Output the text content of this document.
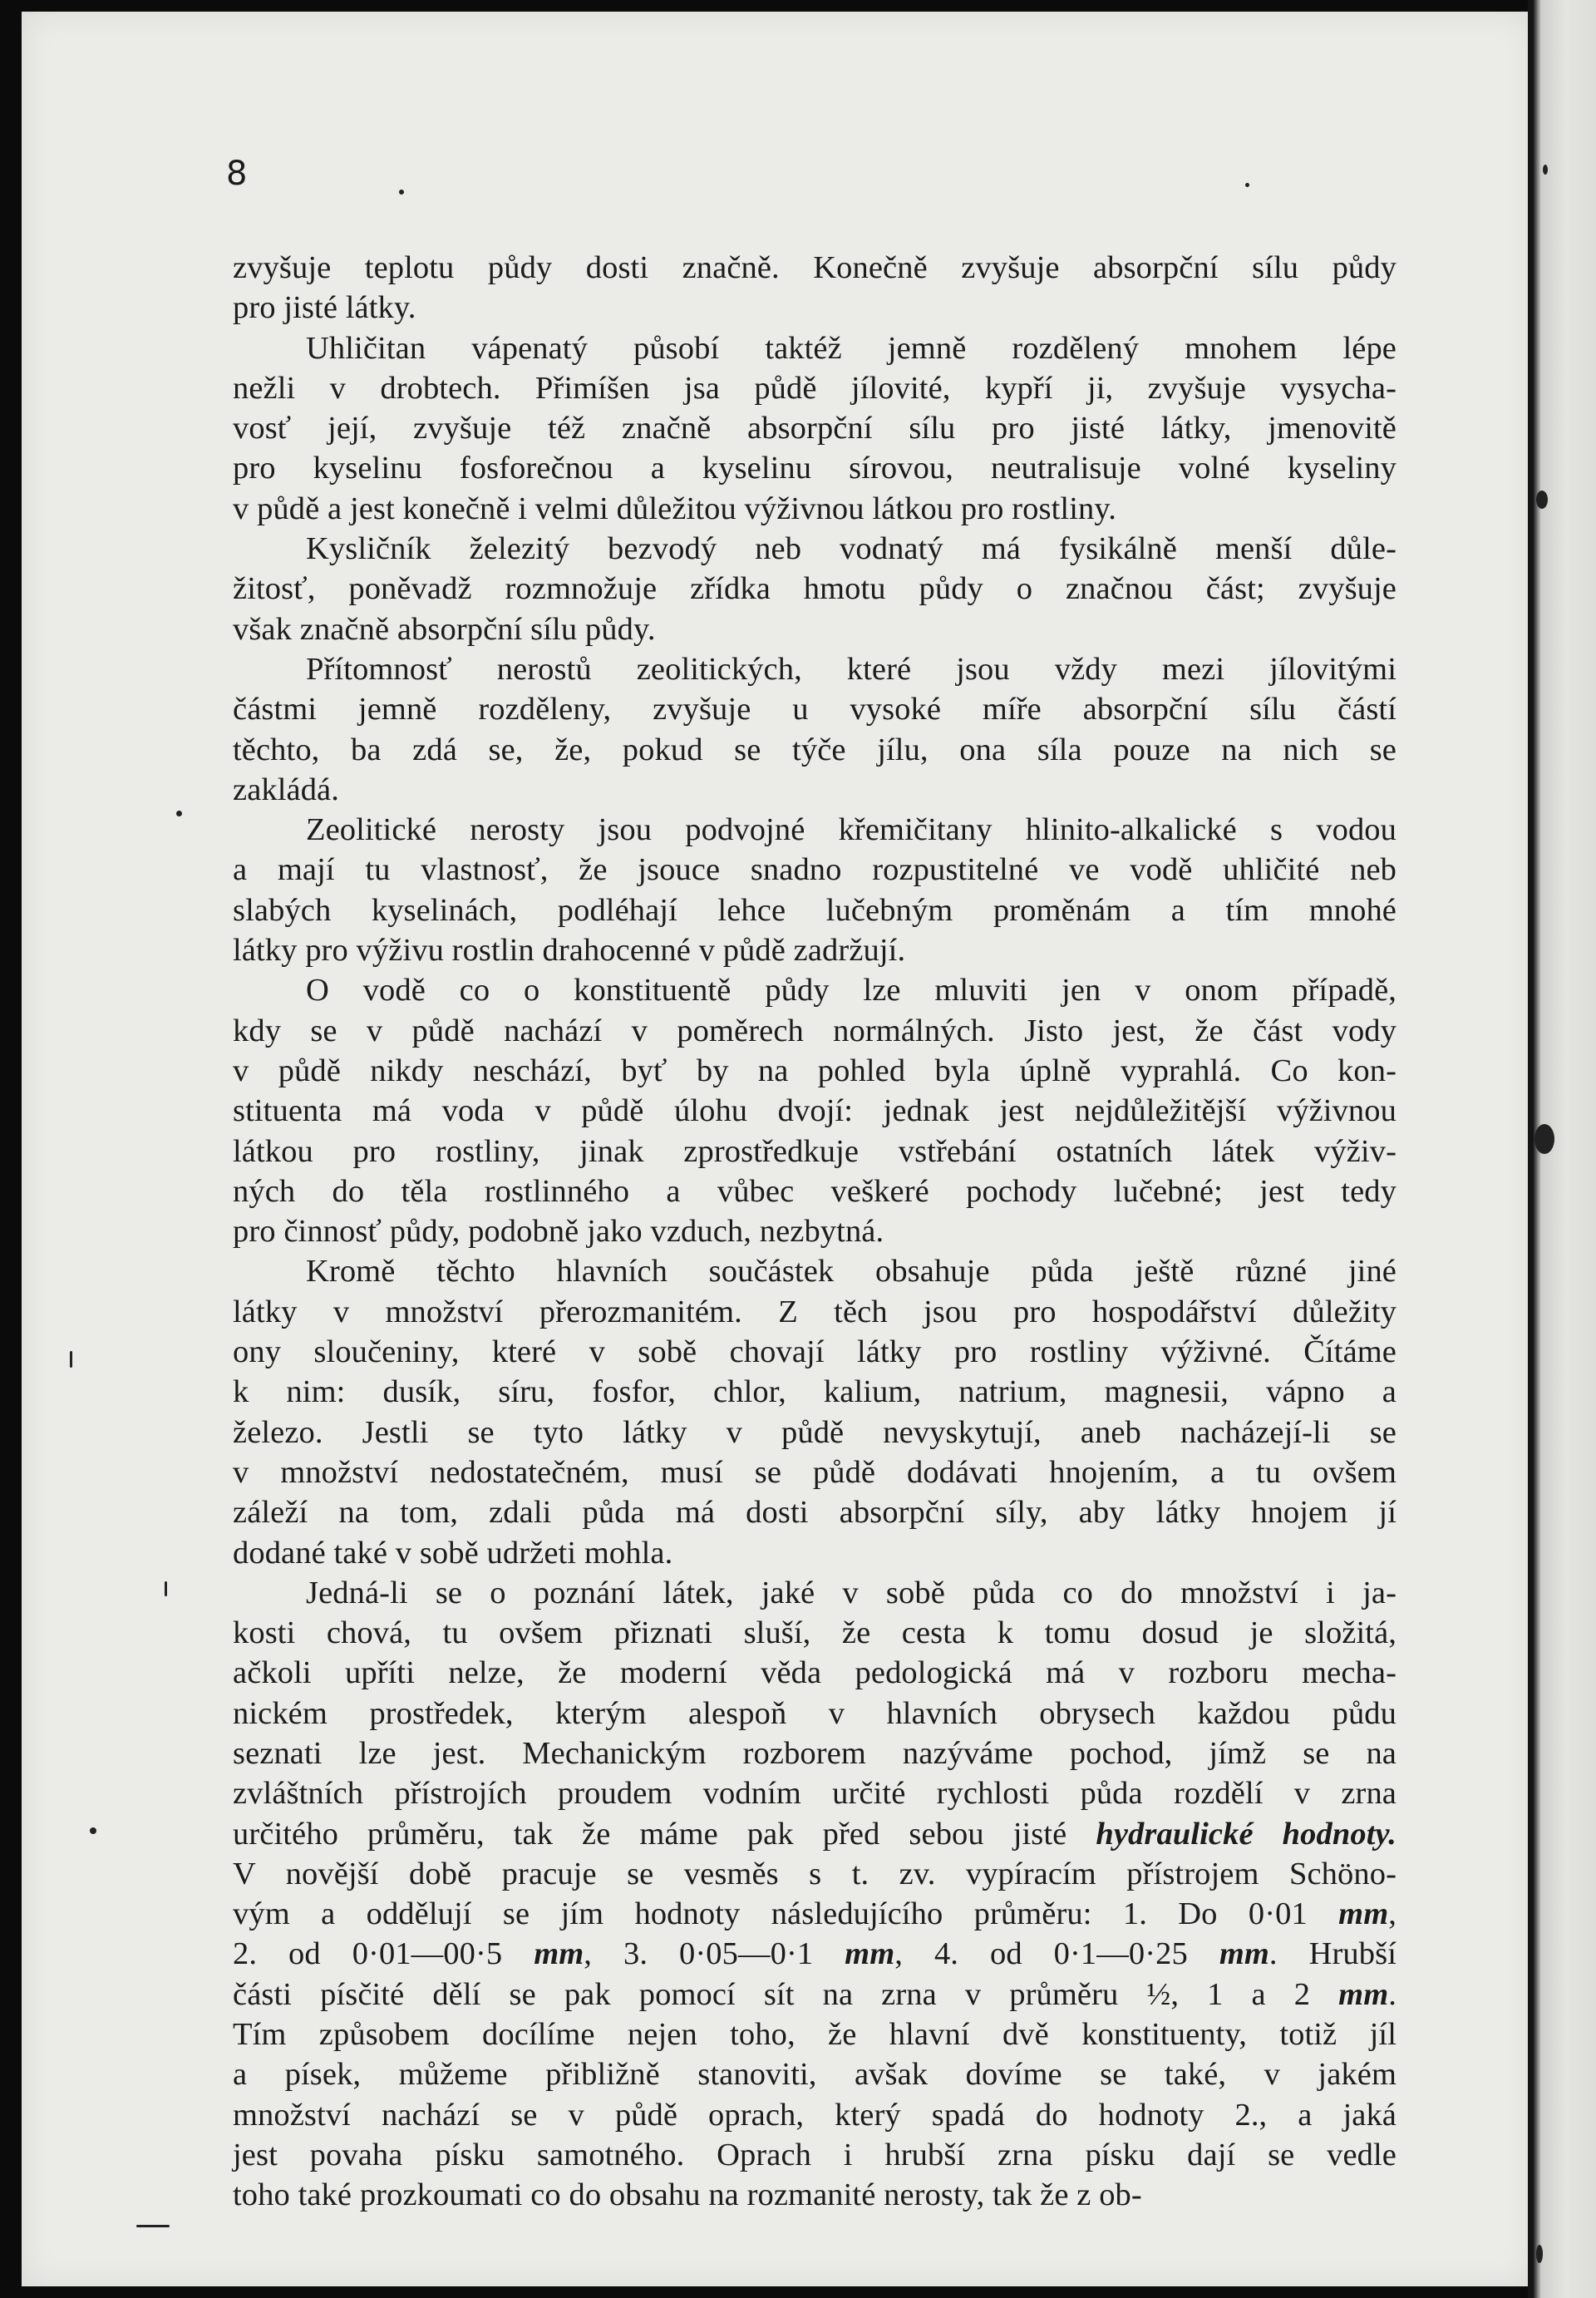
8
zvyšuje teplotu půdy dosti značně. Konečně zvyšuje absorpční sílu půdy
pro jisté látky.
Uhličitan vápenatý působí taktéž jemně rozdělený mnohem lépe
nežli v drobtech. Přimíšen jsa půdě jílovité, kypří ji, zvyšuje vysycha-
vosť její, zvyšuje též značně absorpční sílu pro jisté látky, jmenovitě
pro kyselinu fosforečnou a kyselinu sírovou, neutralisuje volné kyseliny
v půdě a jest konečně i velmi důležitou výživnou látkou pro rostliny.
Kysličník železitý bezvodý neb vodnatý má fysikálně menší důle-
žitosť, poněvadž rozmnožuje zřídka hmotu půdy o značnou část; zvyšuje
však značně absorpční sílu půdy.
Přítomnosť nerostů zeolitických, které jsou vždy mezi jílovitými
částmi jemně rozděleny, zvyšuje u vysoké míře absorpční sílu částí
těchto, ba zdá se, že, pokud se týče jílu, ona síla pouze na nich se
zakládá.
Zeolitické nerosty jsou podvojné křemičitany hlinito-alkalické s vodou
a mají tu vlastnosť, že jsouce snadno rozpustitelné ve vodě uhličité neb
slabých kyselinách, podléhají lehce lučebným proměnám a tím mnohé
látky pro výživu rostlin drahocenné v půdě zadržují.
O vodě co o konstituentě půdy lze mluviti jen v onom případě,
kdy se v půdě nachází v poměrech normálných. Jisto jest, že část vody
v půdě nikdy neschází, byť by na pohled byla úplně vyprahlá. Co kon-
stituenta má voda v půdě úlohu dvojí: jednak jest nejdůležitější výživnou
látkou pro rostliny, jinak zprostředkuje vstřebání ostatních látek výživ-
ných do těla rostlinného a vůbec veškeré pochody lučebné; jest tedy
pro činnosť půdy, podobně jako vzduch, nezbytná.
Kromě těchto hlavních součástek obsahuje půda ještě různé jiné
látky v množství přerozmanitém. Z těch jsou pro hospodářství důležity
ony sloučeniny, které v sobě chovají látky pro rostliny výživné. Čítáme
k nim: dusík, síru, fosfor, chlor, kalium, natrium, magnesii, vápno a
železo. Jestli se tyto látky v půdě nevyskytují, aneb nacházejí-li se
v množství nedostatečném, musí se půdě dodávati hnojením, a tu ovšem
záleží na tom, zdali půda má dosti absorpční síly, aby látky hnojem jí
dodané také v sobě udržeti mohla.
Jedná-li se o poznání látek, jaké v sobě půda co do množství i ja-
kosti chová, tu ovšem přiznati sluší, že cesta k tomu dosud je složitá,
ačkoli upříti nelze, že moderní věda pedologická má v rozboru mecha-
nickém prostředek, kterým alespoň v hlavních obrysech každou půdu
seznati lze jest. Mechanickým rozborem nazýváme pochod, jímž se na
zvláštních přístrojích proudem vodním určité rychlosti půda rozdělí v zrna
určitého průměru, tak že máme pak před sebou jisté hydraulické hodnoty.
V novější době pracuje se vesměs s t. zv. vypíracím přístrojem Schöno-
vým a oddělují se jím hodnoty následujícího průměru: 1. Do 0·01 mm,
2. od 0·01—00·5 mm, 3. 0·05—0·1 mm, 4. od 0·1—0·25 mm. Hrubší
části písčité dělí se pak pomocí sít na zrna v průměru ½, 1 a 2 mm.
Tím způsobem docílíme nejen toho, že hlavní dvě konstituenty, totiž jíl
a písek, můžeme přibližně stanoviti, avšak dovíme se také, v jakém
množství nachází se v půdě oprach, který spadá do hodnoty 2., a jaká
jest povaha písku samotného. Oprach i hrubší zrna písku dají se vedle
toho také prozkoumati co do obsahu na rozmanité nerosty, tak že z ob-
